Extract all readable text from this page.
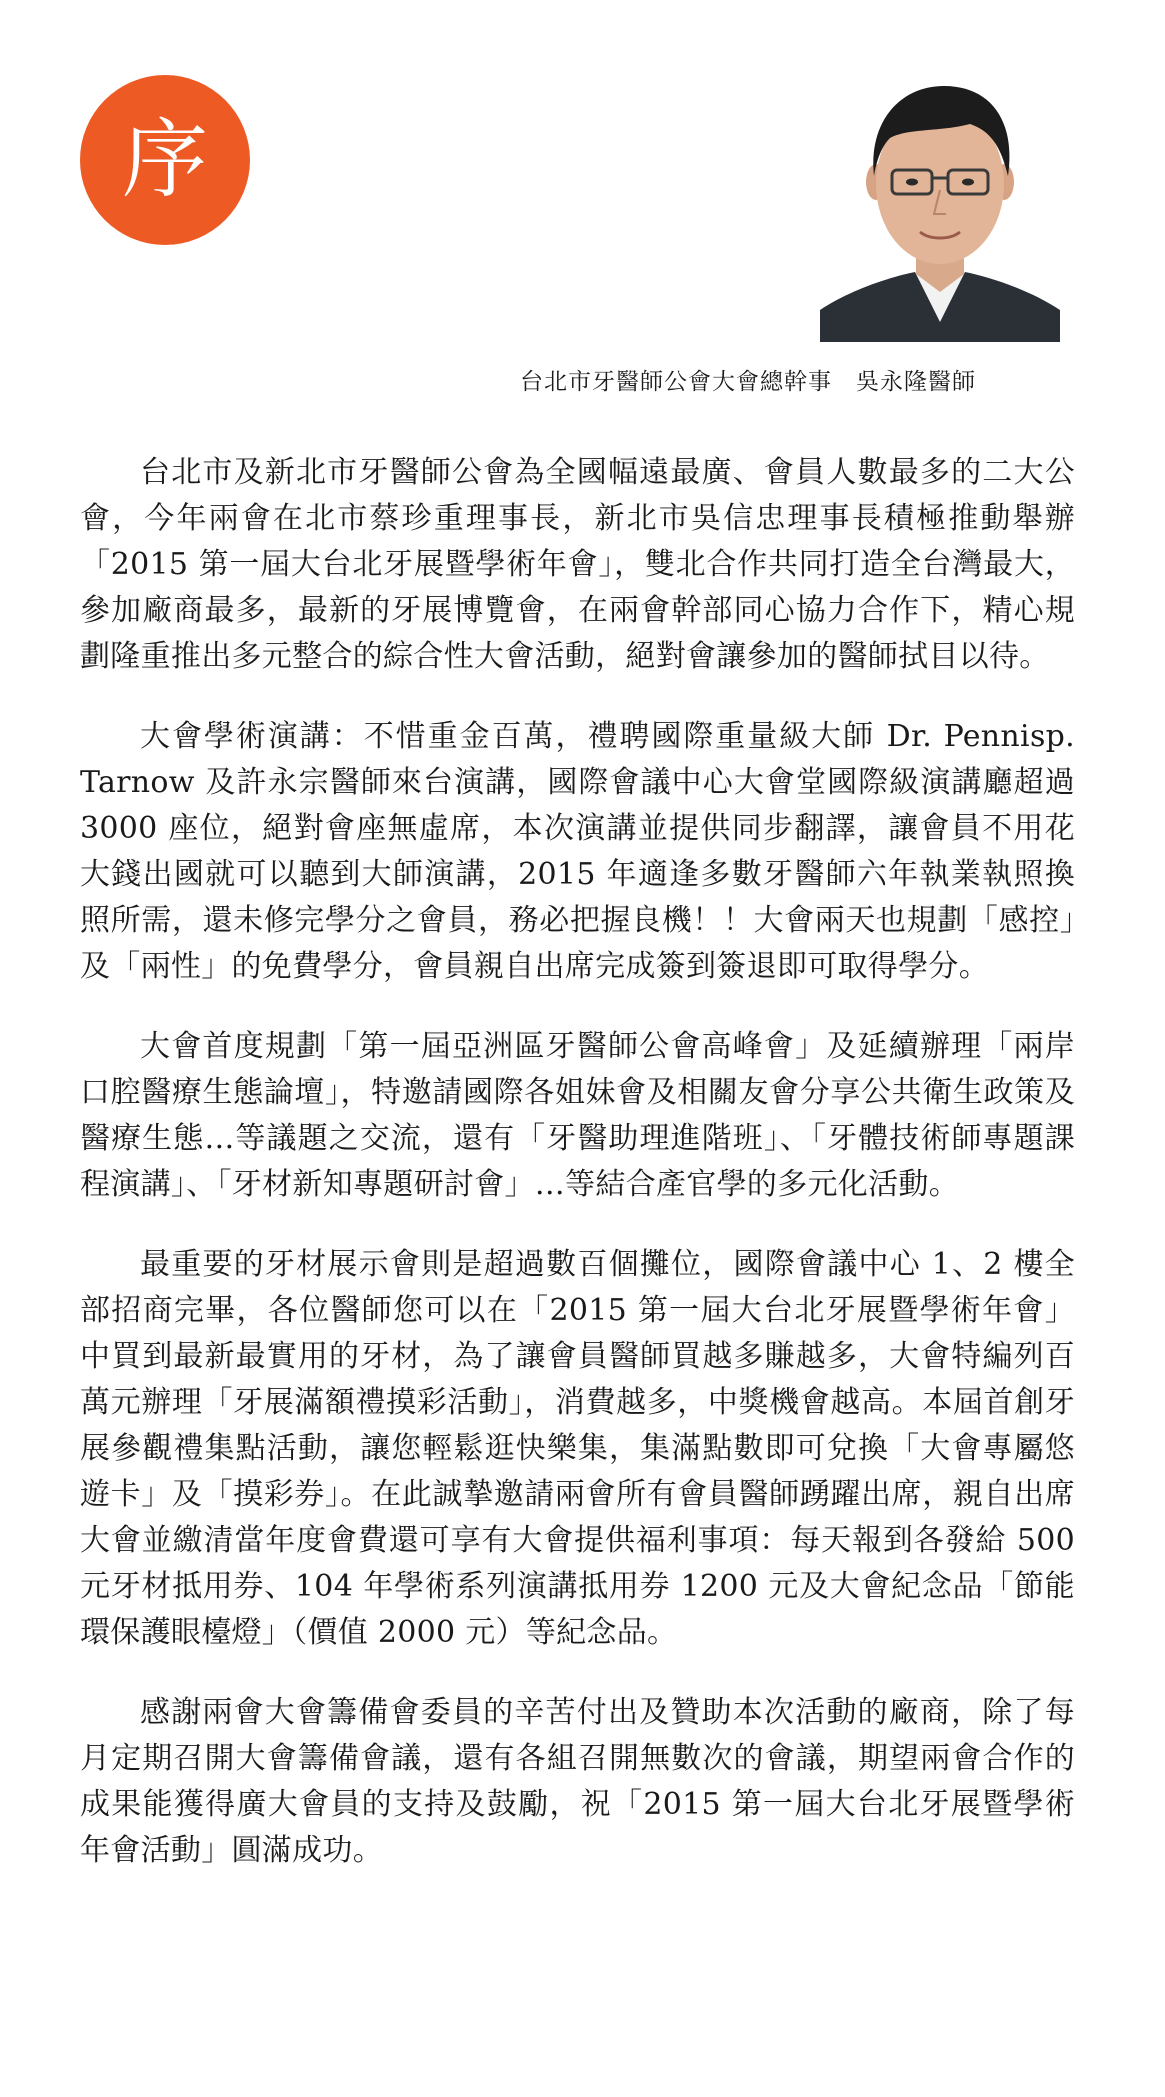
序
台北市牙醫師公會大會總幹事 吳永隆醫師

台北市及新北市牙醫師公會為全國幅遠最廣、會員人數最多的二大公會，今年兩會在北市蔡珍重理事長，新北市吳信忠理事長積極推動舉辦「2015 第一屆大台北牙展暨學術年會」，雙北合作共同打造全台灣最大，參加廠商最多，最新的牙展博覽會，在兩會幹部同心協力合作下，精心規劃隆重推出多元整合的綜合性大會活動，絕對會讓參加的醫師拭目以待。

大會學術演講：不惜重金百萬，禮聘國際重量級大師 Dr. Pennisp. Tarnow 及許永宗醫師來台演講，國際會議中心大會堂國際級演講廳超過 3000 座位，絕對會座無虛席，本次演講並提供同步翻譯，讓會員不用花大錢出國就可以聽到大師演講，2015 年適逢多數牙醫師六年執業執照換照所需，還未修完學分之會員，務必把握良機！！大會兩天也規劃「感控」及「兩性」的免費學分，會員親自出席完成簽到簽退即可取得學分。

大會首度規劃「第一屆亞洲區牙醫師公會高峰會」及延續辦理「兩岸口腔醫療生態論壇」，特邀請國際各姐妹會及相關友會分享公共衛生政策及醫療生態…等議題之交流，還有「牙醫助理進階班」、「牙體技術師專題課程演講」、「牙材新知專題研討會」…等結合產官學的多元化活動。

最重要的牙材展示會則是超過數百個攤位，國際會議中心 1、2 樓全部招商完畢，各位醫師您可以在「2015 第一屆大台北牙展暨學術年會」中買到最新最實用的牙材，為了讓會員醫師買越多賺越多，大會特編列百萬元辦理「牙展滿額禮摸彩活動」，消費越多，中獎機會越高。本屆首創牙展參觀禮集點活動，讓您輕鬆逛快樂集，集滿點數即可兌換「大會專屬悠遊卡」及「摸彩券」。在此誠摯邀請兩會所有會員醫師踴躍出席，親自出席大會並繳清當年度會費還可享有大會提供福利事項：每天報到各發給 500 元牙材抵用券、104 年學術系列演講抵用券 1200 元及大會紀念品「節能環保護眼檯燈」（價值 2000 元）等紀念品。

感謝兩會大會籌備會委員的辛苦付出及贊助本次活動的廠商，除了每月定期召開大會籌備會議，還有各組召開無數次的會議，期望兩會合作的成果能獲得廣大會員的支持及鼓勵，祝「2015 第一屆大台北牙展暨學術年會活動」圓滿成功。
